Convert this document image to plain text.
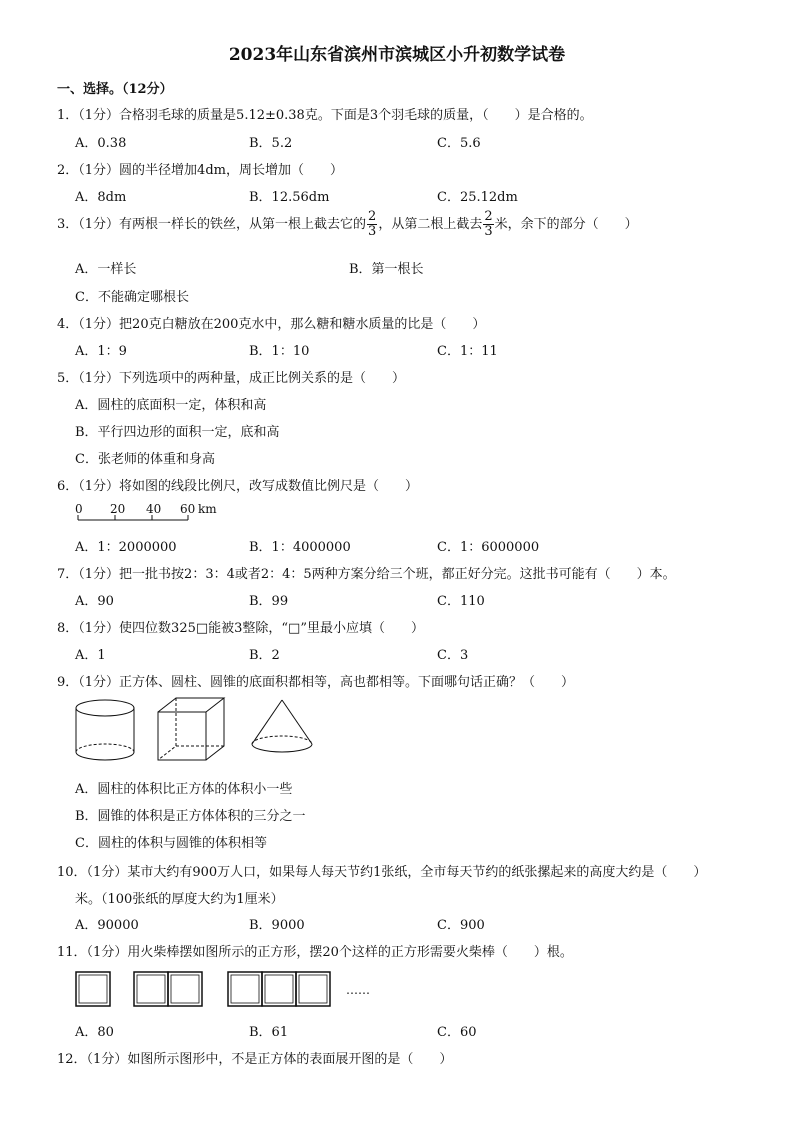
2023年山东省滨州市滨城区小升初数学试卷
一、选择。（12分）
1．（1分）合格羽毛球的质量是5.12±0.38克。下面是3个羽毛球的质量，（　　）是合格的。
A．0.38	B．5.2	C．5.6
2．（1分）圆的半径增加4dm，周长增加（　　）
A．8dm	B．12.56dm	C．25.12dm
3．（1分）有两根一样长的铁丝，从第一根上截去它的 $\frac{2}{3}$ ，从第二根上截去 $\frac{2}{3}$ 米，余下的部分（　　）
A．一样长	B．第一根长
C．不能确定哪根长
4．（1分）把20克白糖放在200克水中，那么糖和糖水质量的比是（　　）
A．1：9	B．1：10	C．1：11
5．（1分）下列选项中的两种量，成正比例关系的是（　　）
A．圆柱的底面积一定，体积和高
B．平行四边形的面积一定，底和高
C．张老师的体重和身高
6．（1分）将如图的线段比例尺，改写成数值比例尺是（　　）
0 20 40 60 km
A．1：2000000	B．1：4000000	C．1：6000000
7．（1分）把一批书按2：3：4或者2：4：5两种方案分给三个班，都正好分完。这批书可能有（　　）本。
A．90	B．99	C．110
8．（1分）使四位数325□能被3整除，“□”里最小应填（　　）
A．1	B．2	C．3
9．（1分）正方体、圆柱、圆锥的底面积都相等，高也都相等。下面哪句话正确？（　　）
A．圆柱的体积比正方体的体积小一些
B．圆锥的体积是正方体体积的三分之一
C．圆柱的体积与圆锥的体积相等
10．（1分）某市大约有900万人口，如果每人每天节约1张纸，全市每天节约的纸张摞起来的高度大约是（　　）
米。（100张纸的厚度大约为1厘米）
A．90000	B．9000	C．900
11．（1分）用火柴棒摆如图所示的正方形，摆20个这样的正方形需要火柴棒（　　）根。
……
A．80	B．61	C．60
12．（1分）如图所示图形中，不是正方体的表面展开图的是（　　）
